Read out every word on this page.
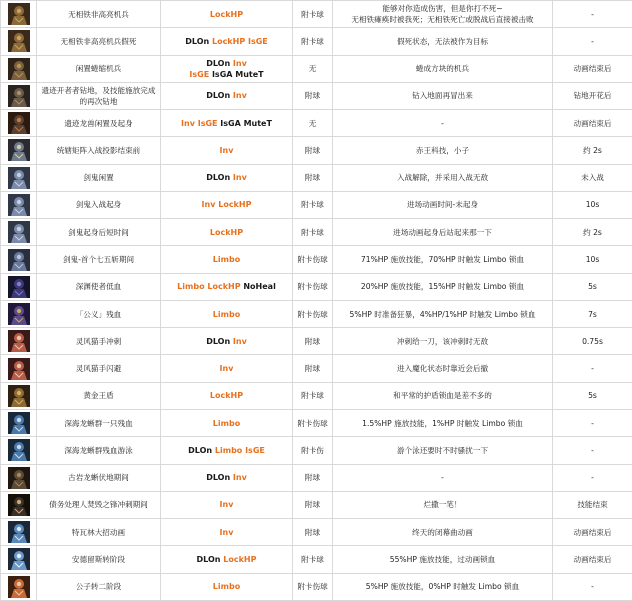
	无相铁非高亮机兵	LockHP	附卡球	能够对你造成伤害，但是你打不死~
无相铁瘫痪时被我死；无相铁死亡或脱战后直接被击败	-

	无相铁非高亮机兵假死	DLOn LockHP IsGE	附卡球	假死状态，无法被作为目标	-

	闲置蜷缩机兵	DLOn Inv
IsGE IsGA MuteT	无	蜷成方块的机兵	动画结束后

	遗迹开者者钻地，及技能施放完成的再次钻地	DLOn Inv	附球	钻入地面再冒出来	钻地开花后

	遗迹龙兽闲置及起身	Inv IsGE IsGA MuteT	无	-	动画结束后

	统辖矩阵入战投影结束前	Inv	附球	赤王科技，小子	约 2s

	剑鬼闲置	DLOn Inv	附球	入战解除，并采用入战无敌	未入战

	剑鬼入战起身	Inv LockHP	附卡球	进场动画时间-未起身	10s

	剑鬼起身后短时间	LockHP	附卡球	进场动画起身后站起来那一下	约 2s

	剑鬼-首个七五斩期间	Limbo	附卡伤球	71%HP 施放技能，70%HP 时触发 Limbo 锁血	10s

	深渊使者低血	Limbo LockHP NoHeal	附卡伤球	20%HP 施放技能，15%HP 时触发 Limbo 锁血	5s

	「公义」残血	Limbo	附卡伤球	5%HP 时准备狂暴，4%HP/1%HP 时触发 Limbo 锁血	7s

	灵风猫手冲刺	DLOn Inv	附球	冲刺给一刀，该冲刺时无敌	0.75s

	灵风猫手闪避	Inv	附球	进入魔化状态时靠近会后撤	-

	黄金王盾	LockHP	附卡球	和平常的护盾锁血是差不多的	5s

	深海龙蜥群一只残血	Limbo	附卡伤球	1.5%HP 施放技能，1%HP 时触发 Limbo 锁血	-

	深海龙蜥群残血游泳	DLOn Limbo IsGE	附卡伤	游个泳还要时不时骚扰一下	-

	古岩龙蜥伏地期间	DLOn Inv	附球	-	-

	债务处理人焚毁之锋冲刺期间	Inv	附球	烂撒一笔！	技能结束

	特瓦林大招动画	Inv	附球	终天的闭幕曲动画	动画结束后

	安德留斯转阶段	DLOn LockHP	附卡球	55%HP 施放技能，过动画锁血	动画结束后

	公子转二阶段	Limbo	附卡伤球	5%HP 施放技能，0%HP 时触发 Limbo 锁血	-
